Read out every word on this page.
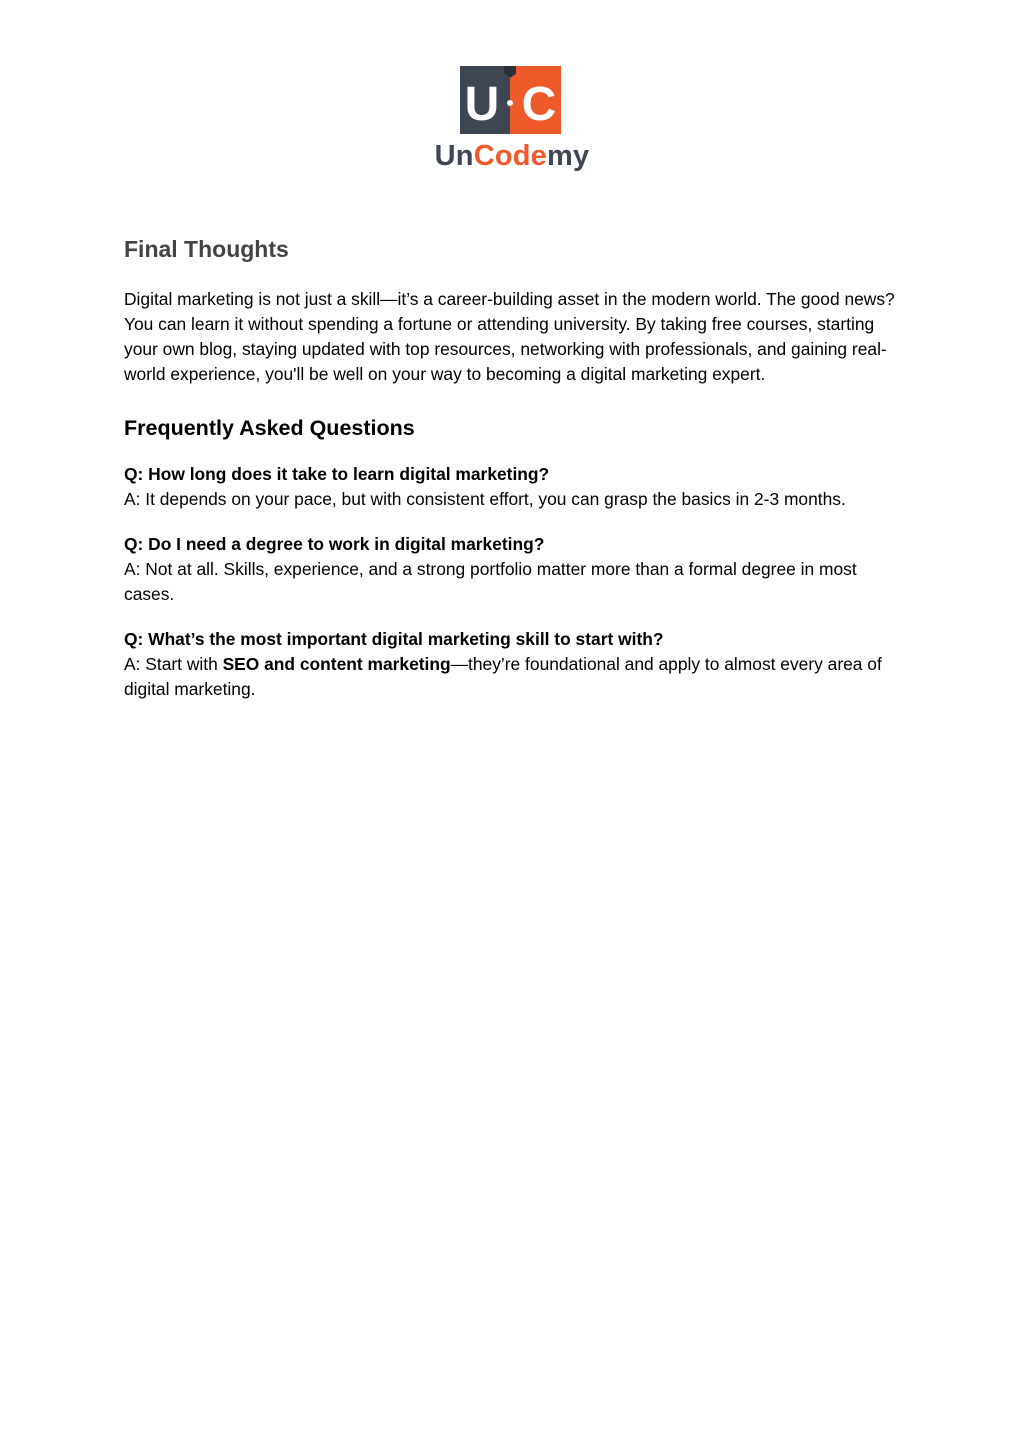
U C
UnCodemy
Final Thoughts

Digital marketing is not just a skill—it’s a career-building asset in the modern world. The good news? You can learn it without spending a fortune or attending university. By taking free courses, starting your own blog, staying updated with top resources, networking with professionals, and gaining real-world experience, you'll be well on your way to becoming a digital marketing expert.

Frequently Asked Questions

Q: How long does it take to learn digital marketing?

A: It depends on your pace, but with consistent effort, you can grasp the basics in 2-3 months.

Q: Do I need a degree to work in digital marketing?

A: Not at all. Skills, experience, and a strong portfolio matter more than a formal degree in most cases.

Q: What’s the most important digital marketing skill to start with?

A: Start with SEO and content marketing—they’re foundational and apply to almost every area of digital marketing.
